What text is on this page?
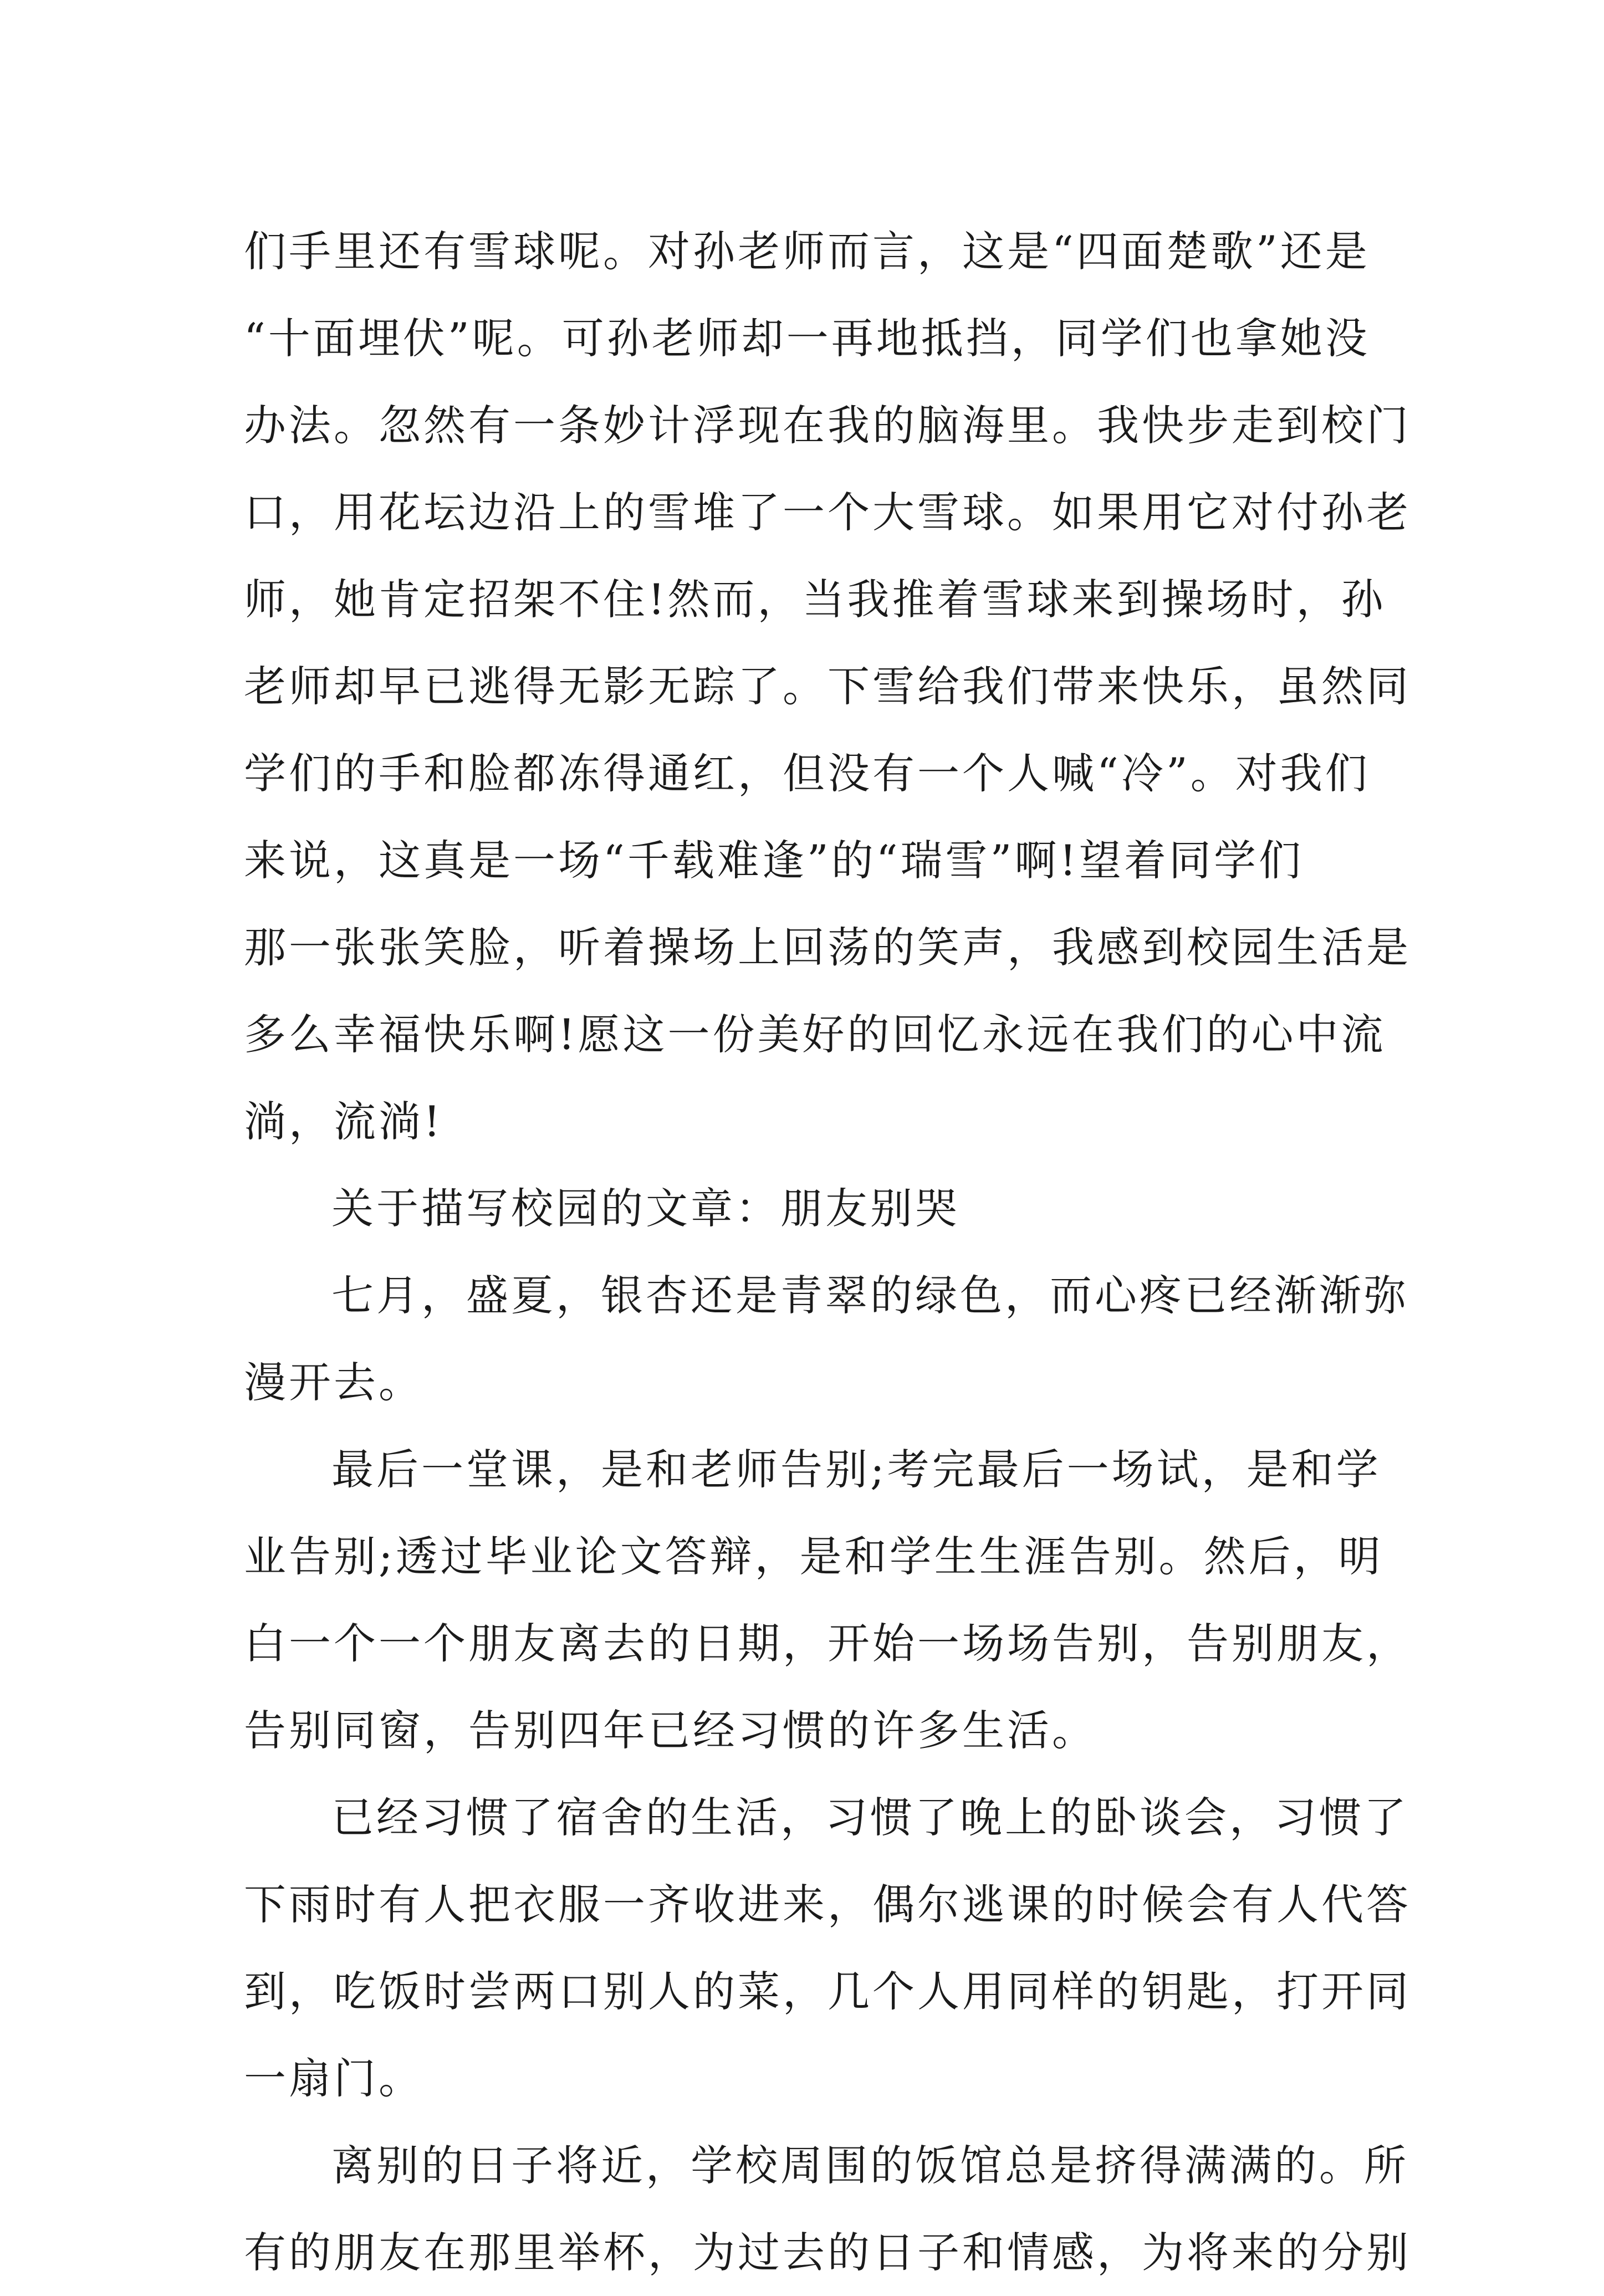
们手里还有雪球呢。对孙老师而言，这是“四面楚歌”还是
“十面埋伏”呢。可孙老师却一再地抵挡，同学们也拿她没
办法。忽然有一条妙计浮现在我的脑海里。我快步走到校门
口，用花坛边沿上的雪堆了一个大雪球。如果用它对付孙老
师，她肯定招架不住!然而，当我推着雪球来到操场时，孙
老师却早已逃得无影无踪了。下雪给我们带来快乐，虽然同
学们的手和脸都冻得通红，但没有一个人喊“冷”。对我们
来说，这真是一场“千载难逢”的“瑞雪”啊!望着同学们
那一张张笑脸，听着操场上回荡的笑声，我感到校园生活是
多么幸福快乐啊!愿这一份美好的回忆永远在我们的心中流
淌，流淌!
关于描写校园的文章：朋友别哭
七月，盛夏，银杏还是青翠的绿色，而心疼已经渐渐弥
漫开去。
最后一堂课，是和老师告别;考完最后一场试，是和学
业告别;透过毕业论文答辩，是和学生生涯告别。然后，明
白一个一个朋友离去的日期，开始一场场告别，告别朋友，
告别同窗，告别四年已经习惯的许多生活。
已经习惯了宿舍的生活，习惯了晚上的卧谈会，习惯了
下雨时有人把衣服一齐收进来，偶尔逃课的时候会有人代答
到，吃饭时尝两口别人的菜，几个人用同样的钥匙，打开同
一扇门。
离别的日子将近，学校周围的饭馆总是挤得满满的。所
有的朋友在那里举杯，为过去的日子和情感，为将来的分别
